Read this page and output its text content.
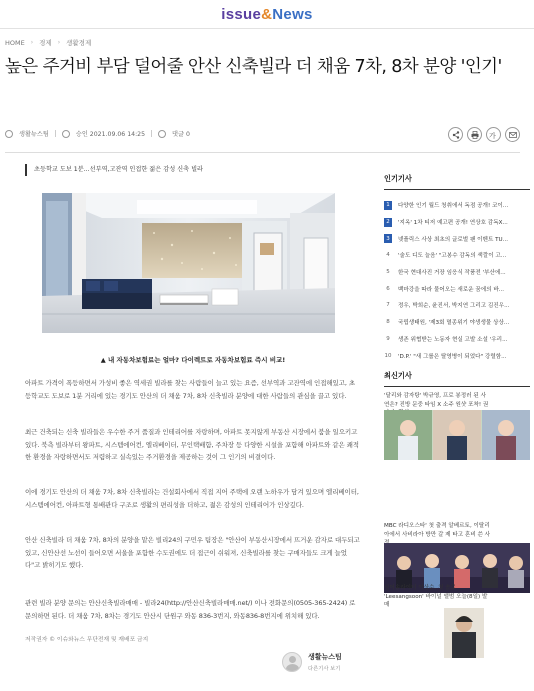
issue&News
HOME › 경제 › 생활경제
높은 주거비 부담 덜어줄 안산 신축빌라 더 채움 7차, 8차 분양 '인기'
생활뉴스팀	승인 2021.09.06 14:25	댓글 0	가
초등학교 도보 1분...선부역,고잔역 인접한 젊은 감성 신축 빌라
▲ 내 자동차보험료는 얼마? 다이렉트로 자동차보험료 즉시 비교!

아파트 가격이 폭등하면서 가성비 좋은 역세권 빌라를 찾는 사람들이 늘고 있는 요즘, 선부역과 고잔역에 인접해있고, 초등학교도 도보로 1분 거리에 있는 경기도 안산의 더 채움 7차, 8차 신축빌라 분양에 대한 사람들의 관심을 끌고 있다.

최근 건축되는 신축 빌라들은 우수한 주거 품질과 인테리어를 자랑하며, 아파트 못지않게 부동산 시장에서 붐을 일으키고 있다. 북측 빌라부터 왕파트, 시스템에어컨, 엘리베이터, 무인택배함, 주차장 등 다양한 시설을 포함해 아파트와 같은 쾌적한 환경을 자랑하면서도 저렴하고 실속있는 주거환경을 제공하는 것이 그 인기의 비결이다.

이에 경기도 안산의 더 채움 7차, 8차 신축빌라는 건설회사에서 직접 지어 주택에 오랜 노하우가 담겨 있으며 엘리베이터, 시스템에어컨, 아파트형 통배관다 구조로 생활의 편리성을 더하고, 젊은 감성의 인테리어가 인상깊다.

안산 신축빌라 더 채움 7차, 8차의 분양을 맡은 빌리24의 구민우 팀장은 "안산이 부동산시장에서 뜨거운 감자로 대두되고 있고, 신안산선 노선이 들어오면 서울을 포함한 수도권에도 더 접근이 쉬워져, 신축빌라를 찾는 구매자들도 크게 늘었다"고 밝히기도 했다.

관련 빌라 분양 문의는 안산신축빌라매매 - 빌라24(http://안산신축빌라매매.net/) 이나 전화문의(0505-365-2424) 로 문의하면 된다. 더 채움 7차, 8차는 경기도 안산시 단원구 와동 836-3번지, 와동836-8번지에 위치해 있다.

저작권자 © 이슈와뉴스 무단전재 및 재배포 금지
생활뉴스팀
다른기사 보기
인기기사
1	다양한 인기 월드 청취에서 독점 공개! 코이...
2	'지옥' 1차 티저 예고편 공개! 연상호 감독X...
3	넷플릭스 사상 최초의 글로벌 팬 이벤트 TU...
4	'술도 디도 늘음' "고봉수 감독의 색깔이 고...
5	한국 현대사진 거장 임응식 작품전 '부산에...
6	백마강을 따라 물어오는 새로운 꿈에의 바...
7	정우, 박희순, 윤진서, 박지연 그리고 김진우...
8	국립생태원, '제3회 멸종위기 야생생물 상상...
9	생존 위협받는 노동자 현실 고발 소설 '우리...
10 'D.P.' "새 그룹은 탈영병이 되었다" 강렬함...
최신기사
'달리와 감자탕' 박규영, 프로 봉정러 된 사연은? 진방 문중 타임 X 소주 원샷 포착! 권
MBC 라디오스타' 첫 출격 알베르토, 이탈리아에서 사비라아 방만 갈 제 타고 혼비 쓴 사
심어송라이터 이상순, 첫 솔로 'Leesangsoon' 바이널 앨범 오늘(8일) 발매
